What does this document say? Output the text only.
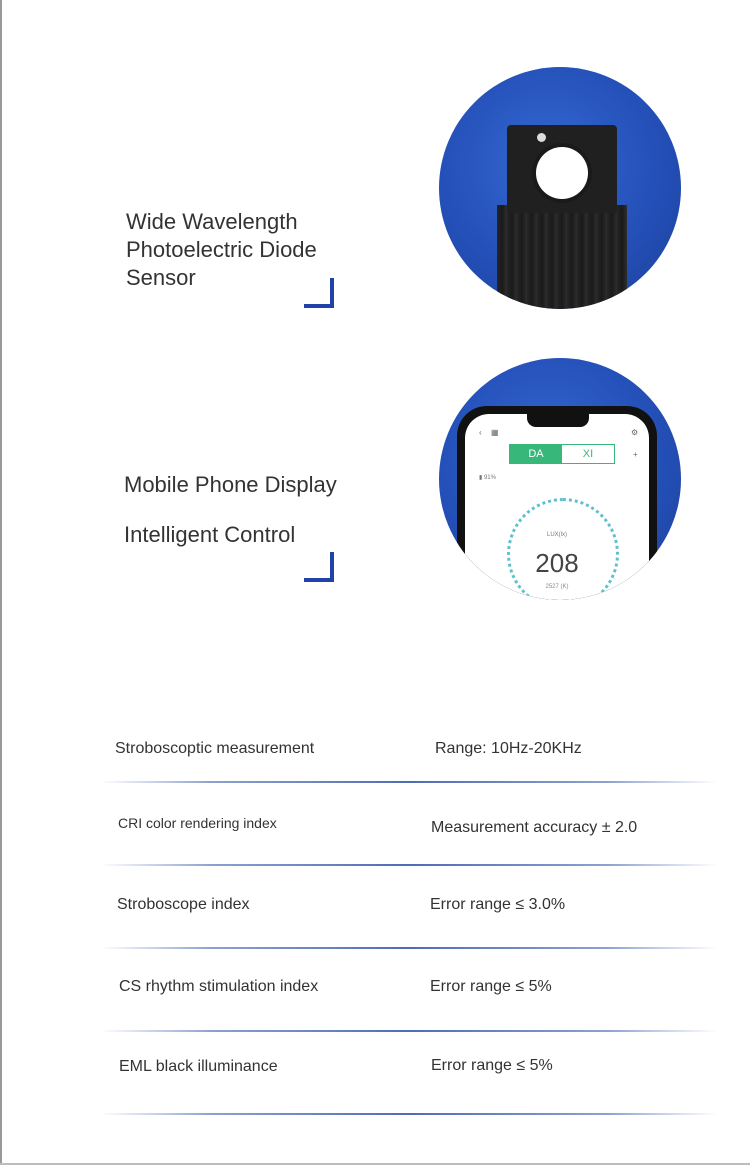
Wide Wavelength
Photoelectric Diode
Sensor
Mobile Phone Display
Intelligent Control
‹ ▦	⚙
+
DA	XI
▮ 91%
LUX(lx)
208
2527 (K)
Stroboscoptic measurement	Range: 10Hz-20KHz
CRI color rendering index	Measurement accuracy ± 2.0
Stroboscope index	Error range ≤ 3.0%
CS rhythm stimulation index	Error range ≤ 5%
EML black illuminance	Error range ≤ 5%
